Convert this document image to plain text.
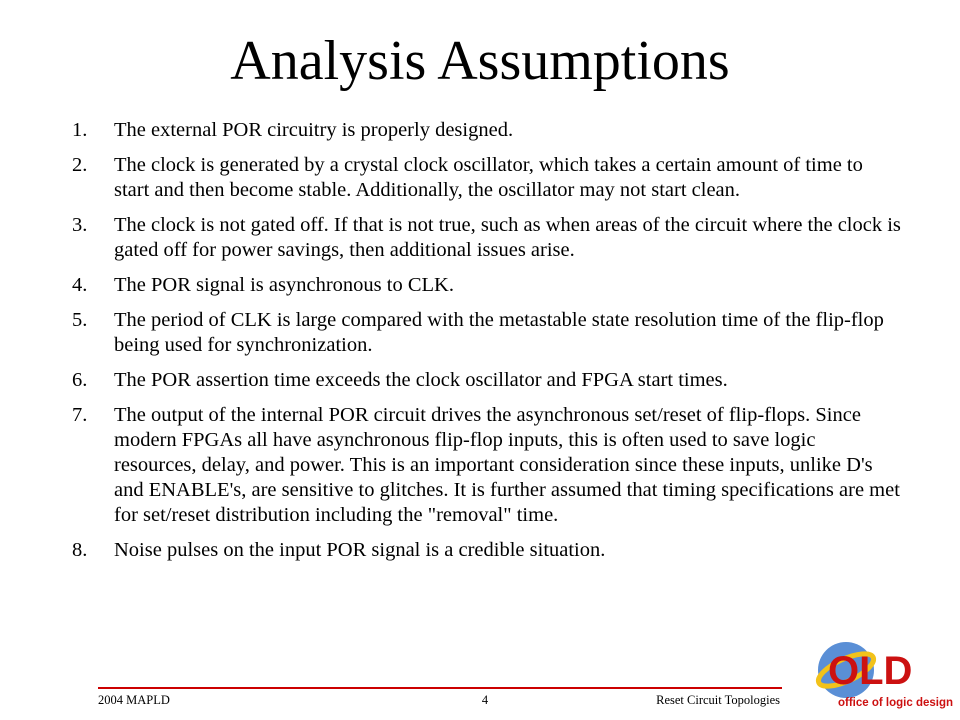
Analysis Assumptions
1.	The external POR circuitry is properly designed.
2.	The clock is generated by a crystal clock oscillator, which takes a certain amount of time to start and then become stable. Additionally, the oscillator may not start clean.
3.	The clock is not gated off. If that is not true, such as when areas of the circuit where the clock is gated off for power savings, then additional issues arise.
4.	The POR signal is asynchronous to CLK.
5.	The period of CLK is large compared with the metastable state resolution time of the flip-flop being used for synchronization.
6.	The POR assertion time exceeds the clock oscillator and FPGA start times.
7.	The output of the internal POR circuit drives the asynchronous set/reset of flip-flops. Since modern FPGAs all have asynchronous flip-flop inputs, this is often used to save logic resources, delay, and power. This is an important consideration since these inputs, unlike D's and ENABLE's, are sensitive to glitches. It is further assumed that timing specifications are met for set/reset distribution including the "removal" time.
8.	Noise pulses on the input POR signal is a credible situation.
2004 MAPLD	4	Reset Circuit Topologies
OLD
office of logic design
